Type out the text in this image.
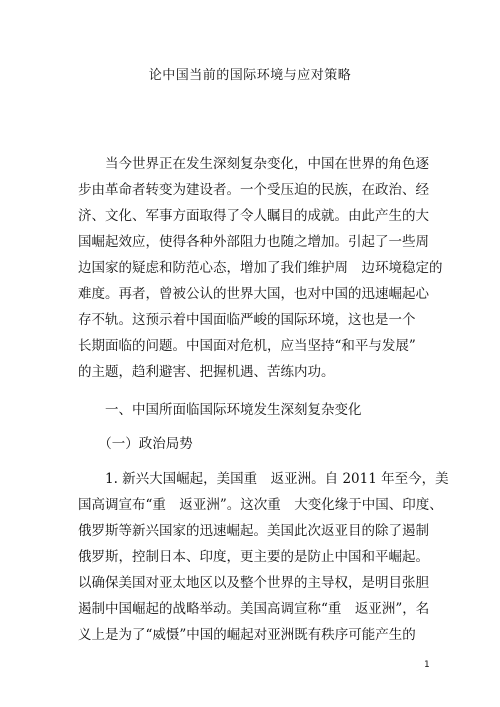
论中国当前的国际环境与应对策略
　　当今世界正在发生深刻复杂变化，中国在世界的角色逐
步由革命者转变为建设者。一个受压迫的民族，在政治、经
济、文化、军事方面取得了令人瞩目的成就。由此产生的大
国崛起效应，使得各种外部阻力也随之增加。引起了一些周
边国家的疑虑和防范心态，增加了我们维护周　边环境稳定的
难度。再者，曾被公认的世界大国，也对中国的迅速崛起心
存不轨。这预示着中国面临严峻的国际环境，这也是一个
长期面临的问题。中国面对危机，应当坚持“和平与发展”
的主题，趋利避害、把握机遇、苦练内功。
　　一、中国所面临国际环境发生深刻复杂变化
　　（一）政治局势
　　1. 新兴大国崛起，美国重　返亚洲。自 2011 年至今，美
国高调宣布“重　返亚洲”。这次重　大变化缘于中国、印度、
俄罗斯等新兴国家的迅速崛起。美国此次返亚目的除了遏制
俄罗斯，控制日本、印度，更主要的是防止中国和平崛起。
以确保美国对亚太地区以及整个世界的主导权，是明目张胆
遏制中国崛起的战略举动。美国高调宣称“重　返亚洲”，名
义上是为了“威慑”中国的崛起对亚洲既有秩序可能产生的
1
